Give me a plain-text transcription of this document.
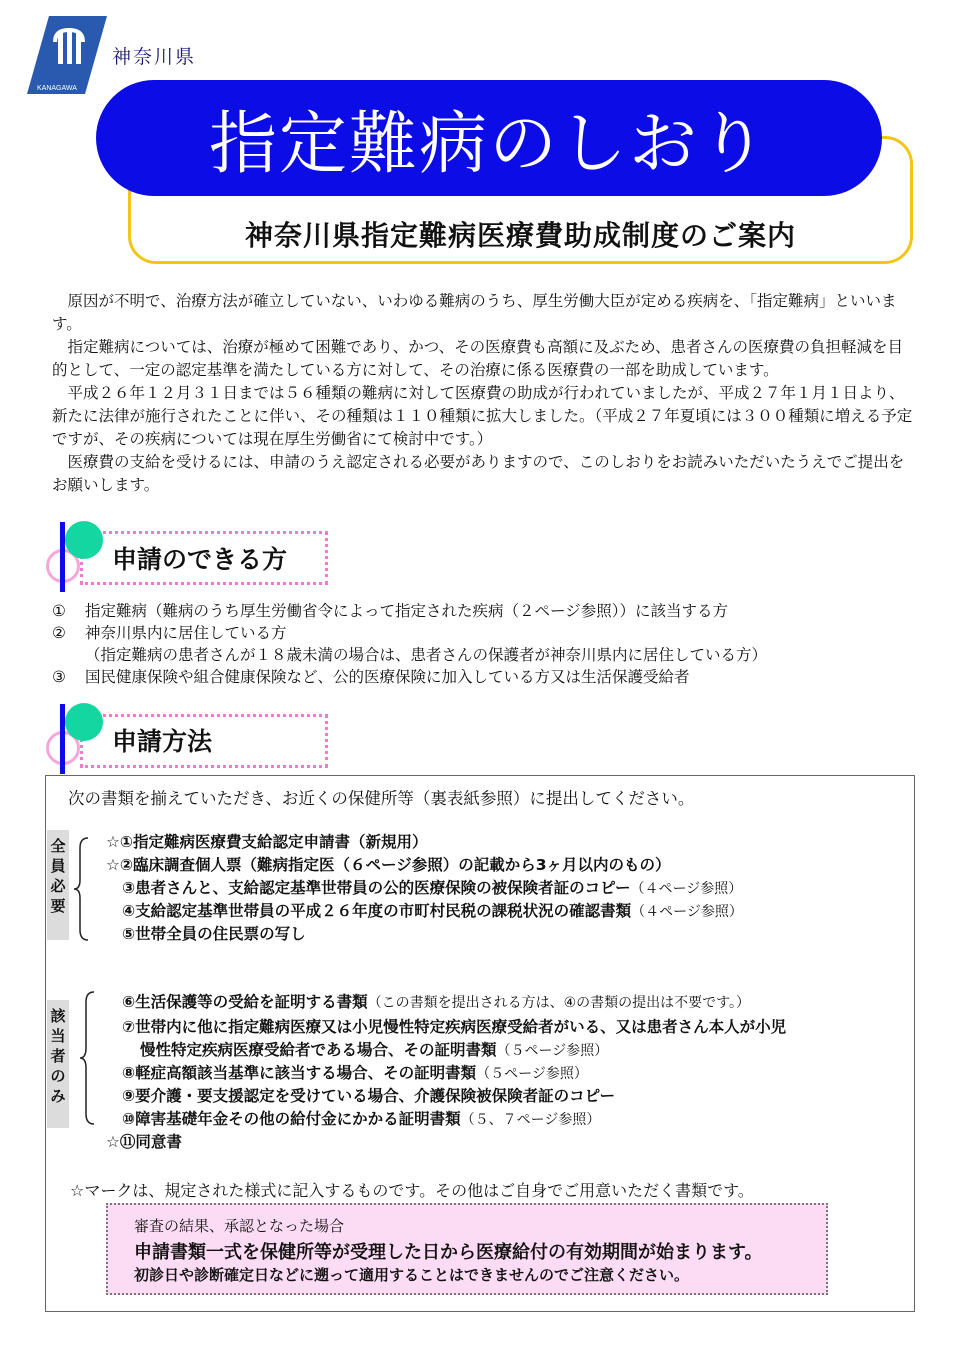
KANAGAWA
神奈川県
指定難病のしおり
神奈川県指定難病医療費助成制度のご案内

原因が不明で、治療方法が確立していない、いわゆる難病のうち、厚生労働大臣が定める疾病を、「指定難病」といいます。

指定難病については、治療が極めて困難であり、かつ、その医療費も高額に及ぶため、患者さんの医療費の負担軽減を目的として、一定の認定基準を満たしている方に対して、その治療に係る医療費の一部を助成しています。

平成２６年１２月３１日までは５６種類の難病に対して医療費の助成が行われていましたが、平成２７年１月１日より、新たに法律が施行されたことに伴い、その種類は１１０種類に拡大しました。（平成２７年夏頃には３００種類に増える予定ですが、その疾病については現在厚生労働省にて検討中です。）

医療費の支給を受けるには、申請のうえ認定される必要がありますので、このしおりをお読みいただいたうえでご提出をお願いします。

申請のできる方
① 指定難病（難病のうち厚生労働省令によって指定された疾病（２ページ参照））に該当する方
② 神奈川県内に居住している方
（指定難病の患者さんが１８歳未満の場合は、患者さんの保護者が神奈川県内に居住している方）
③ 国民健康保険や組合健康保険など、公的医療保険に加入している方又は生活保護受給者
申請方法
次の書類を揃えていただき、お近くの保健所等（裏表紙参照）に提出してください。
全
員
必
要
該
当
者
の
み
☆①指定難病医療費支給認定申請書（新規用）
☆②臨床調査個人票（難病指定医（６ページ参照）の記載から3ヶ月以内のもの）
③患者さんと、支給認定基準世帯員の公的医療保険の被保険者証のコピー（４ページ参照）
④支給認定基準世帯員の平成２６年度の市町村民税の課税状況の確認書類（４ページ参照）
⑤世帯全員の住民票の写し
⑥生活保護等の受給を証明する書類（この書類を提出される方は、④の書類の提出は不要です。）
⑦世帯内に他に指定難病医療又は小児慢性特定疾病医療受給者がいる、又は患者さん本人が小児
慢性特定疾病医療受給者である場合、その証明書類（５ページ参照）
⑧軽症高額該当基準に該当する場合、その証明書類（５ページ参照）
⑨要介護・要支援認定を受けている場合、介護保険被保険者証のコピー
⑩障害基礎年金その他の給付金にかかる証明書類（５、７ページ参照）
☆⑪同意書
☆マークは、規定された様式に記入するものです。その他はご自身でご用意いただく書類です。
審査の結果、承認となった場合
申請書類一式を保健所等が受理した日から医療給付の有効期間が始まります。
初診日や診断確定日などに遡って適用することはできませんのでご注意ください。
